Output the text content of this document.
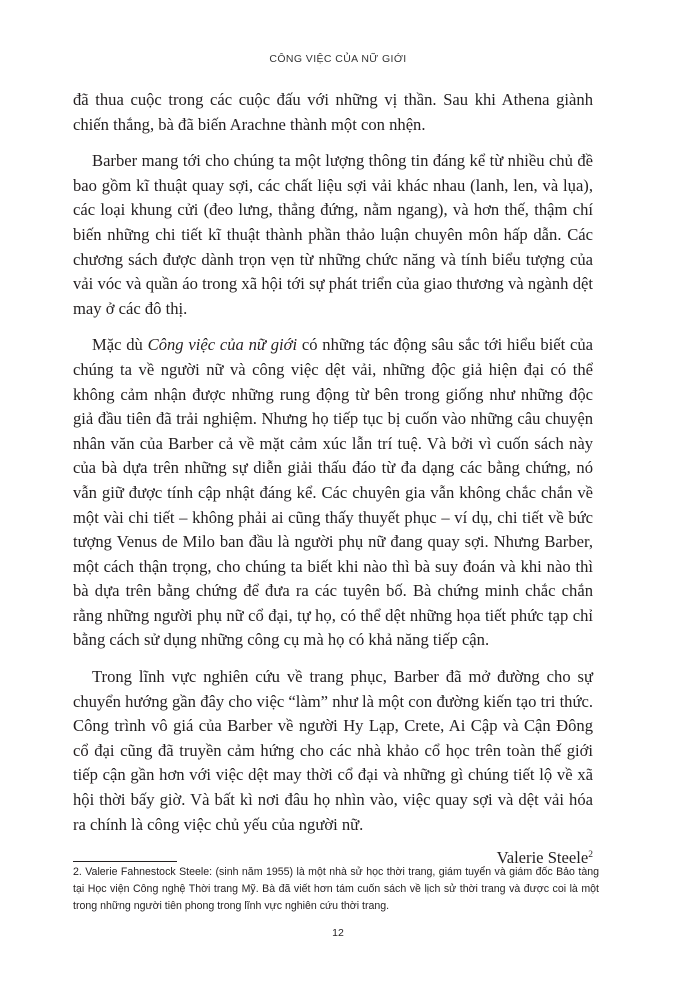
CÔNG VIỆC CỦA NỮ GIỚI

đã thua cuộc trong các cuộc đấu với những vị thần. Sau khi Athena giành chiến thắng, bà đã biến Arachne thành một con nhện.

Barber mang tới cho chúng ta một lượng thông tin đáng kể từ nhiều chủ đề bao gồm kĩ thuật quay sợi, các chất liệu sợi vải khác nhau (lanh, len, và lụa), các loại khung cửi (đeo lưng, thẳng đứng, nằm ngang), và hơn thế, thậm chí biến những chi tiết kĩ thuật thành phần thảo luận chuyên môn hấp dẫn. Các chương sách được dành trọn vẹn từ những chức năng và tính biểu tượng của vải vóc và quần áo trong xã hội tới sự phát triển của giao thương và ngành dệt may ở các đô thị.

Mặc dù Công việc của nữ giới có những tác động sâu sắc tới hiểu biết của chúng ta về người nữ và công việc dệt vải, những độc giả hiện đại có thể không cảm nhận được những rung động từ bên trong giống như những độc giả đầu tiên đã trải nghiệm. Nhưng họ tiếp tục bị cuốn vào những câu chuyện nhân văn của Barber cả về mặt cảm xúc lẫn trí tuệ. Và bởi vì cuốn sách này của bà dựa trên những sự diễn giải thấu đáo từ đa dạng các bằng chứng, nó vẫn giữ được tính cập nhật đáng kể. Các chuyên gia vẫn không chắc chắn về một vài chi tiết – không phải ai cũng thấy thuyết phục – ví dụ, chi tiết về bức tượng Venus de Milo ban đầu là người phụ nữ đang quay sợi. Nhưng Barber, một cách thận trọng, cho chúng ta biết khi nào thì bà suy đoán và khi nào thì bà dựa trên bằng chứng để đưa ra các tuyên bố. Bà chứng minh chắc chắn rằng những người phụ nữ cổ đại, tự họ, có thể dệt những họa tiết phức tạp chỉ bằng cách sử dụng những công cụ mà họ có khả năng tiếp cận.

Trong lĩnh vực nghiên cứu về trang phục, Barber đã mở đường cho sự chuyển hướng gần đây cho việc “làm” như là một con đường kiến tạo tri thức. Công trình vô giá của Barber về người Hy Lạp, Crete, Ai Cập và Cận Đông cổ đại cũng đã truyền cảm hứng cho các nhà khảo cổ học trên toàn thế giới tiếp cận gần hơn với việc dệt may thời cổ đại và những gì chúng tiết lộ về xã hội thời bấy giờ. Và bất kì nơi đâu họ nhìn vào, việc quay sợi và dệt vải hóa ra chính là công việc chủ yếu của người nữ.

Valerie Steele$^2$

2. Valerie Fahnestock Steele: (sinh năm 1955) là một nhà sử học thời trang, giám tuyển và giám đốc Bảo tàng tại Học viện Công nghệ Thời trang Mỹ. Bà đã viết hơn tám cuốn sách về lịch sử thời trang và được coi là một trong những người tiên phong trong lĩnh vực nghiên cứu thời trang.

12
